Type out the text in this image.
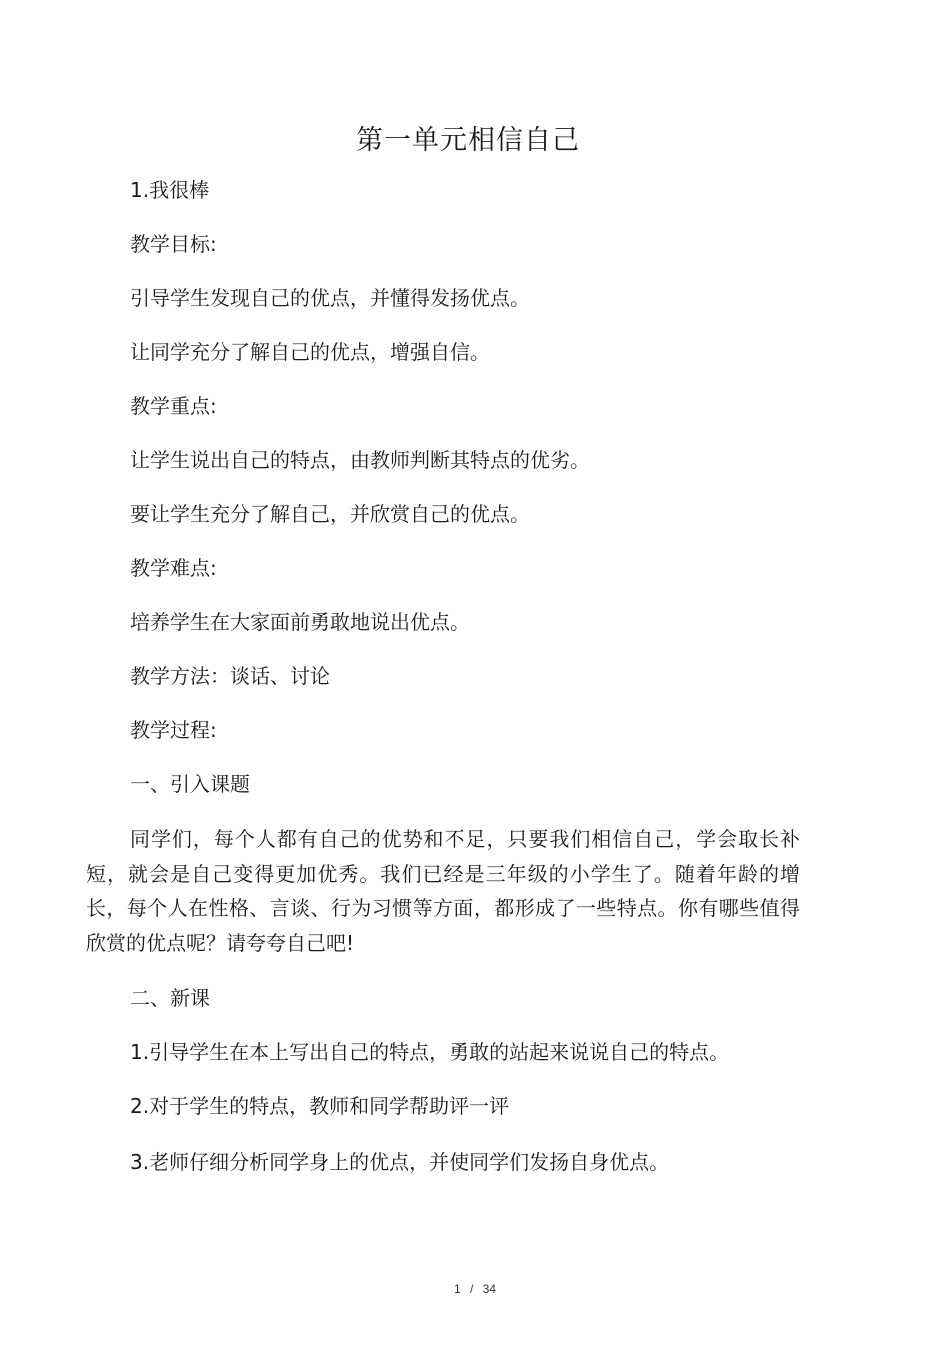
第一单元相信自己
1.我很棒
教学目标:
引导学生发现自己的优点，并懂得发扬优点。
让同学充分了解自己的优点，增强自信。
教学重点:
让学生说出自己的特点，由教师判断其特点的优劣。
要让学生充分了解自己，并欣赏自己的优点。
教学难点:
培养学生在大家面前勇敢地说出优点。
教学方法：谈话、讨论
教学过程:
一、引入课题
同学们，每个人都有自己的优势和不足，只要我们相信自己，学会取长补短，就会是自己变得更加优秀。我们已经是三年级的小学生了。随着年龄的增长，每个人在性格、言谈、行为习惯等方面，都形成了一些特点。你有哪些值得欣赏的优点呢？请夸夸自己吧!
二、新课
1.引导学生在本上写出自己的特点，勇敢的站起来说说自己的特点。
2.对于学生的特点，教师和同学帮助评一评
3.老师仔细分析同学身上的优点，并使同学们发扬自身优点。
1 / 34
